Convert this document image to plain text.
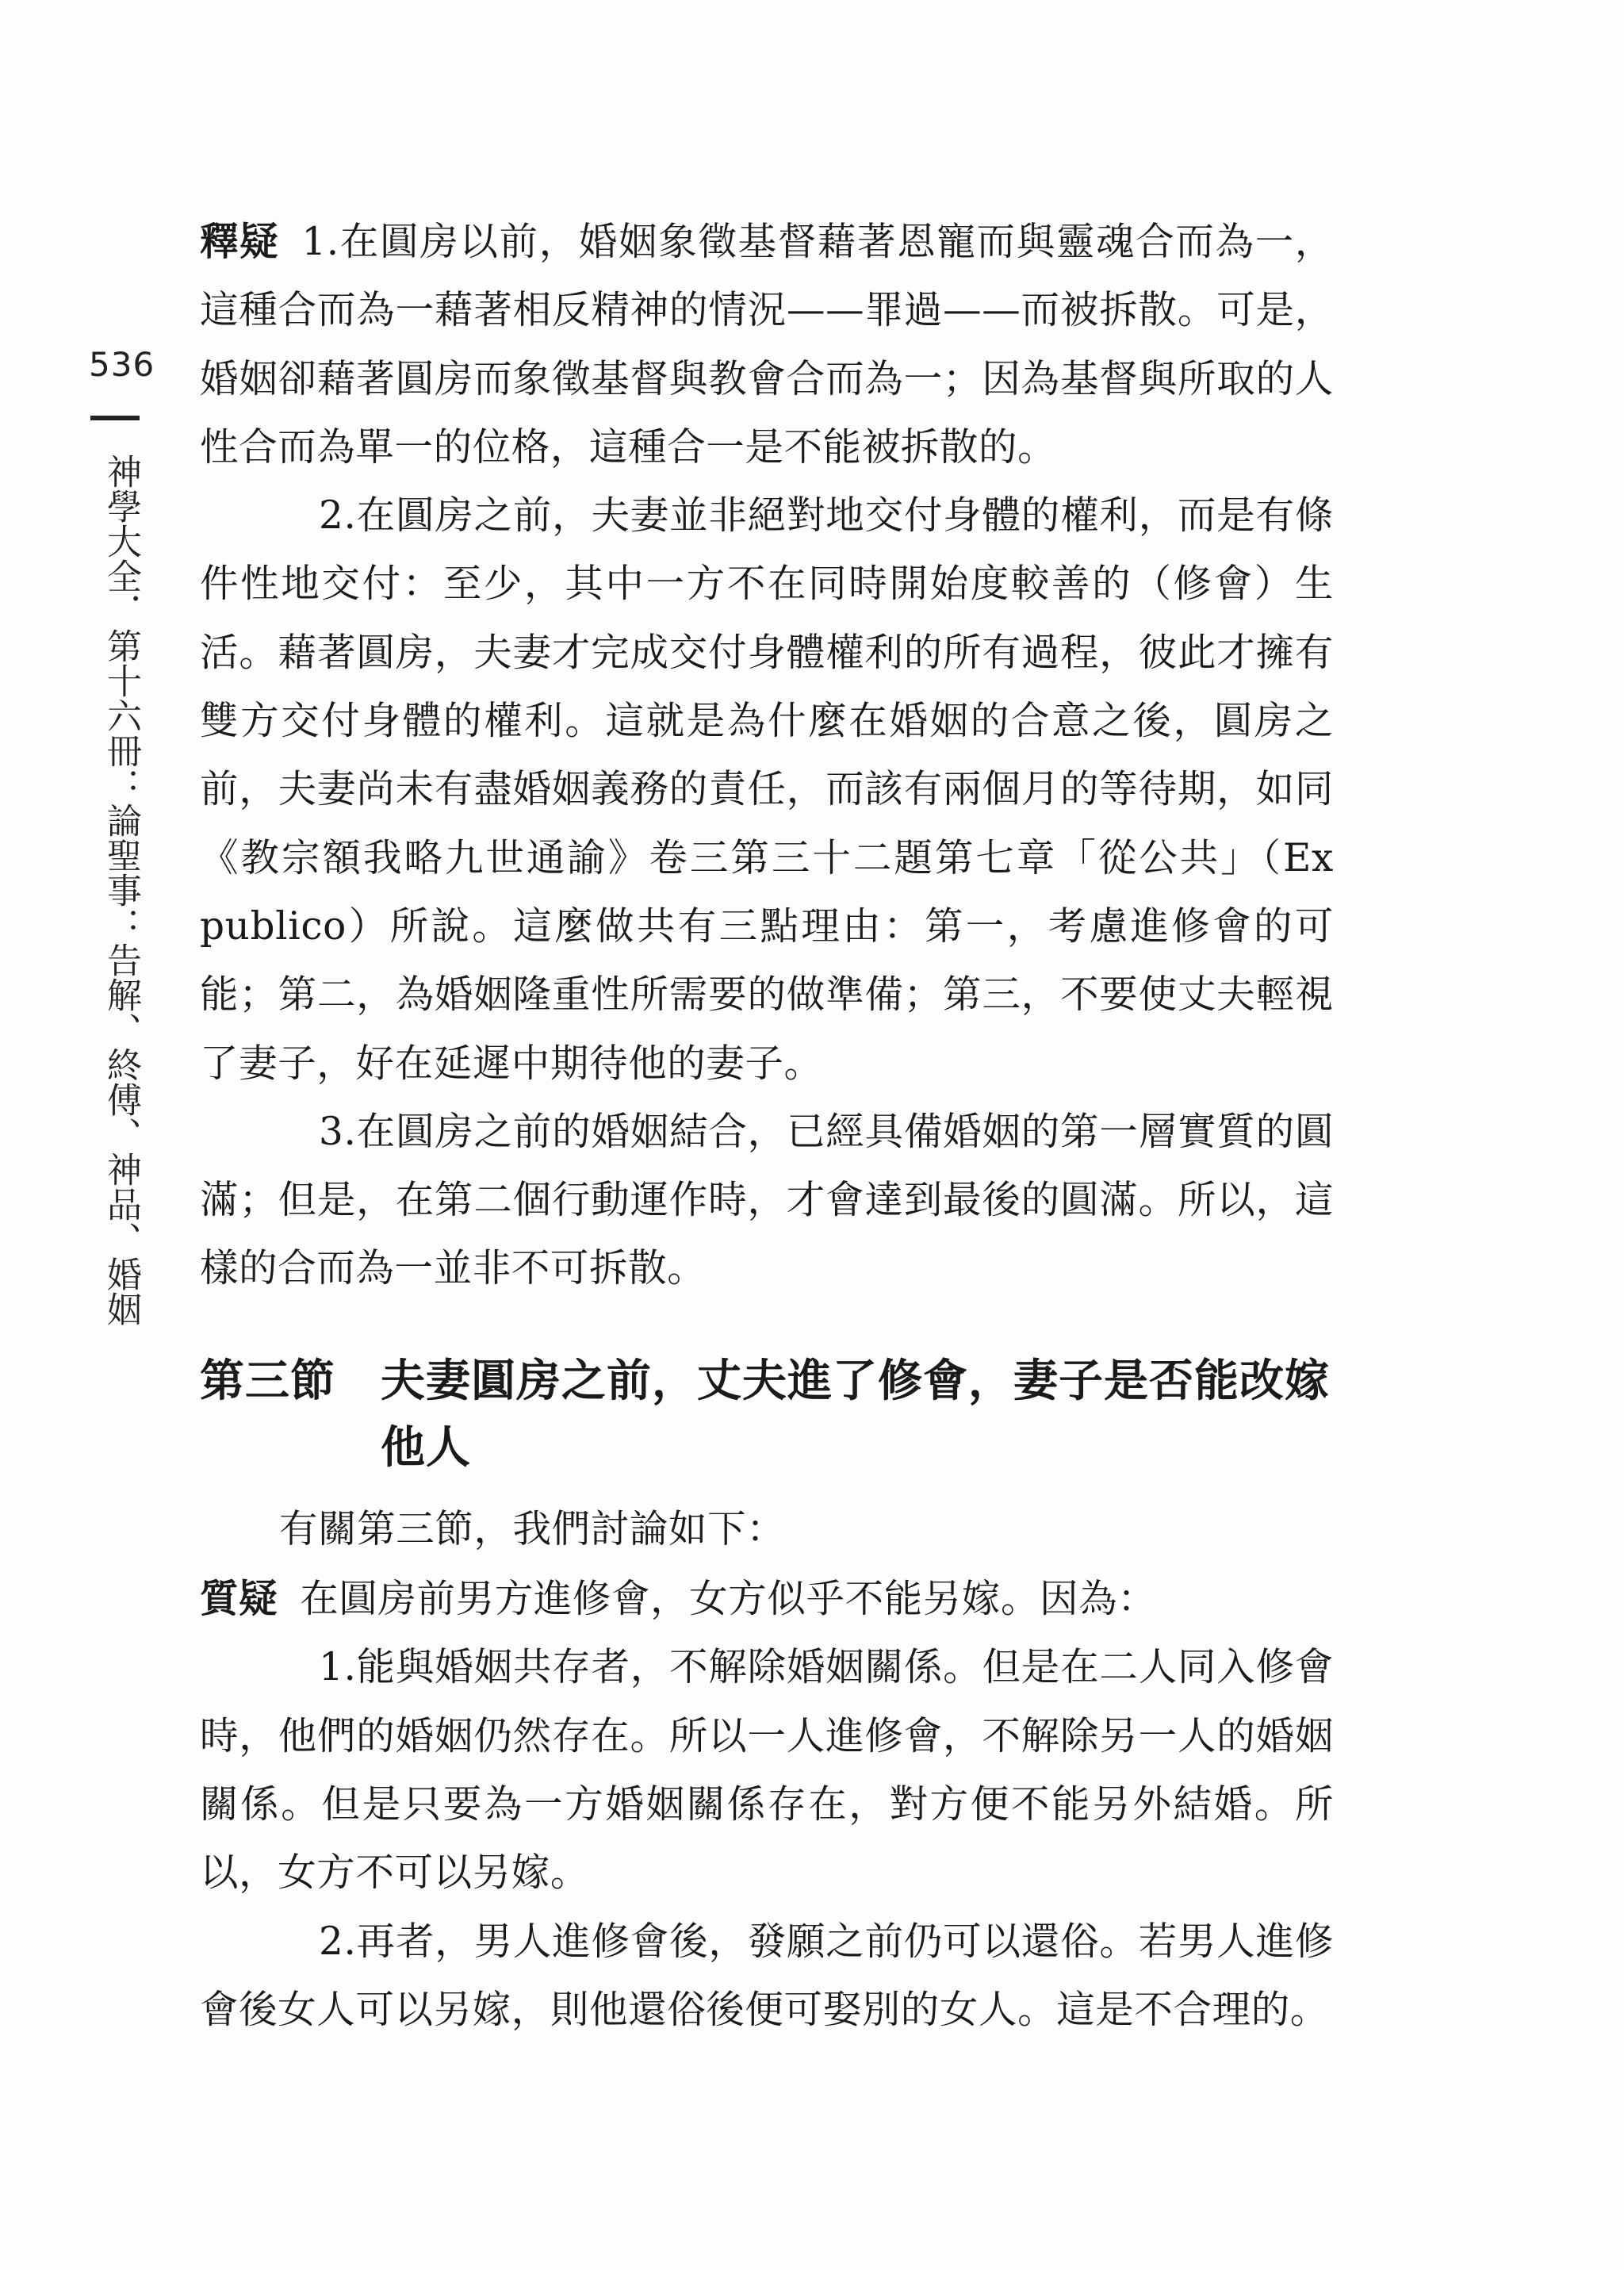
536
神學大全．第十六冊：論聖事：告解、終傅、神品、婚姻

釋疑 1.在圓房以前，婚姻象徵基督藉著恩寵而與靈魂合而為一，這種合而為一藉著相反精神的情況——罪過——而被拆散。可是，婚姻卻藉著圓房而象徵基督與教會合而為一；因為基督與所取的人性合而為單一的位格，這種合一是不能被拆散的。

2.在圓房之前，夫妻並非絕對地交付身體的權利，而是有條件性地交付：至少，其中一方不在同時開始度較善的（修會）生活。藉著圓房，夫妻才完成交付身體權利的所有過程，彼此才擁有雙方交付身體的權利。這就是為什麼在婚姻的合意之後，圓房之前，夫妻尚未有盡婚姻義務的責任，而該有兩個月的等待期，如同《教宗額我略九世通諭》卷三第三十二題第七章「從公共」（Ex publico）所說。這麼做共有三點理由：第一，考慮進修會的可能；第二，為婚姻隆重性所需要的做準備；第三，不要使丈夫輕視了妻子，好在延遲中期待他的妻子。

3.在圓房之前的婚姻結合，已經具備婚姻的第一層實質的圓滿；但是，在第二個行動運作時，才會達到最後的圓滿。所以，這樣的合而為一並非不可拆散。

第三節	夫妻圓房之前，丈夫進了修會，妻子是否能改嫁他人

有關第三節，我們討論如下：

質疑 在圓房前男方進修會，女方似乎不能另嫁。因為：

1.能與婚姻共存者，不解除婚姻關係。但是在二人同入修會時，他們的婚姻仍然存在。所以一人進修會，不解除另一人的婚姻關係。但是只要為一方婚姻關係存在，對方便不能另外結婚。所以，女方不可以另嫁。

2.再者，男人進修會後，發願之前仍可以還俗。若男人進修會後女人可以另嫁，則他還俗後便可娶別的女人。這是不合理的。
